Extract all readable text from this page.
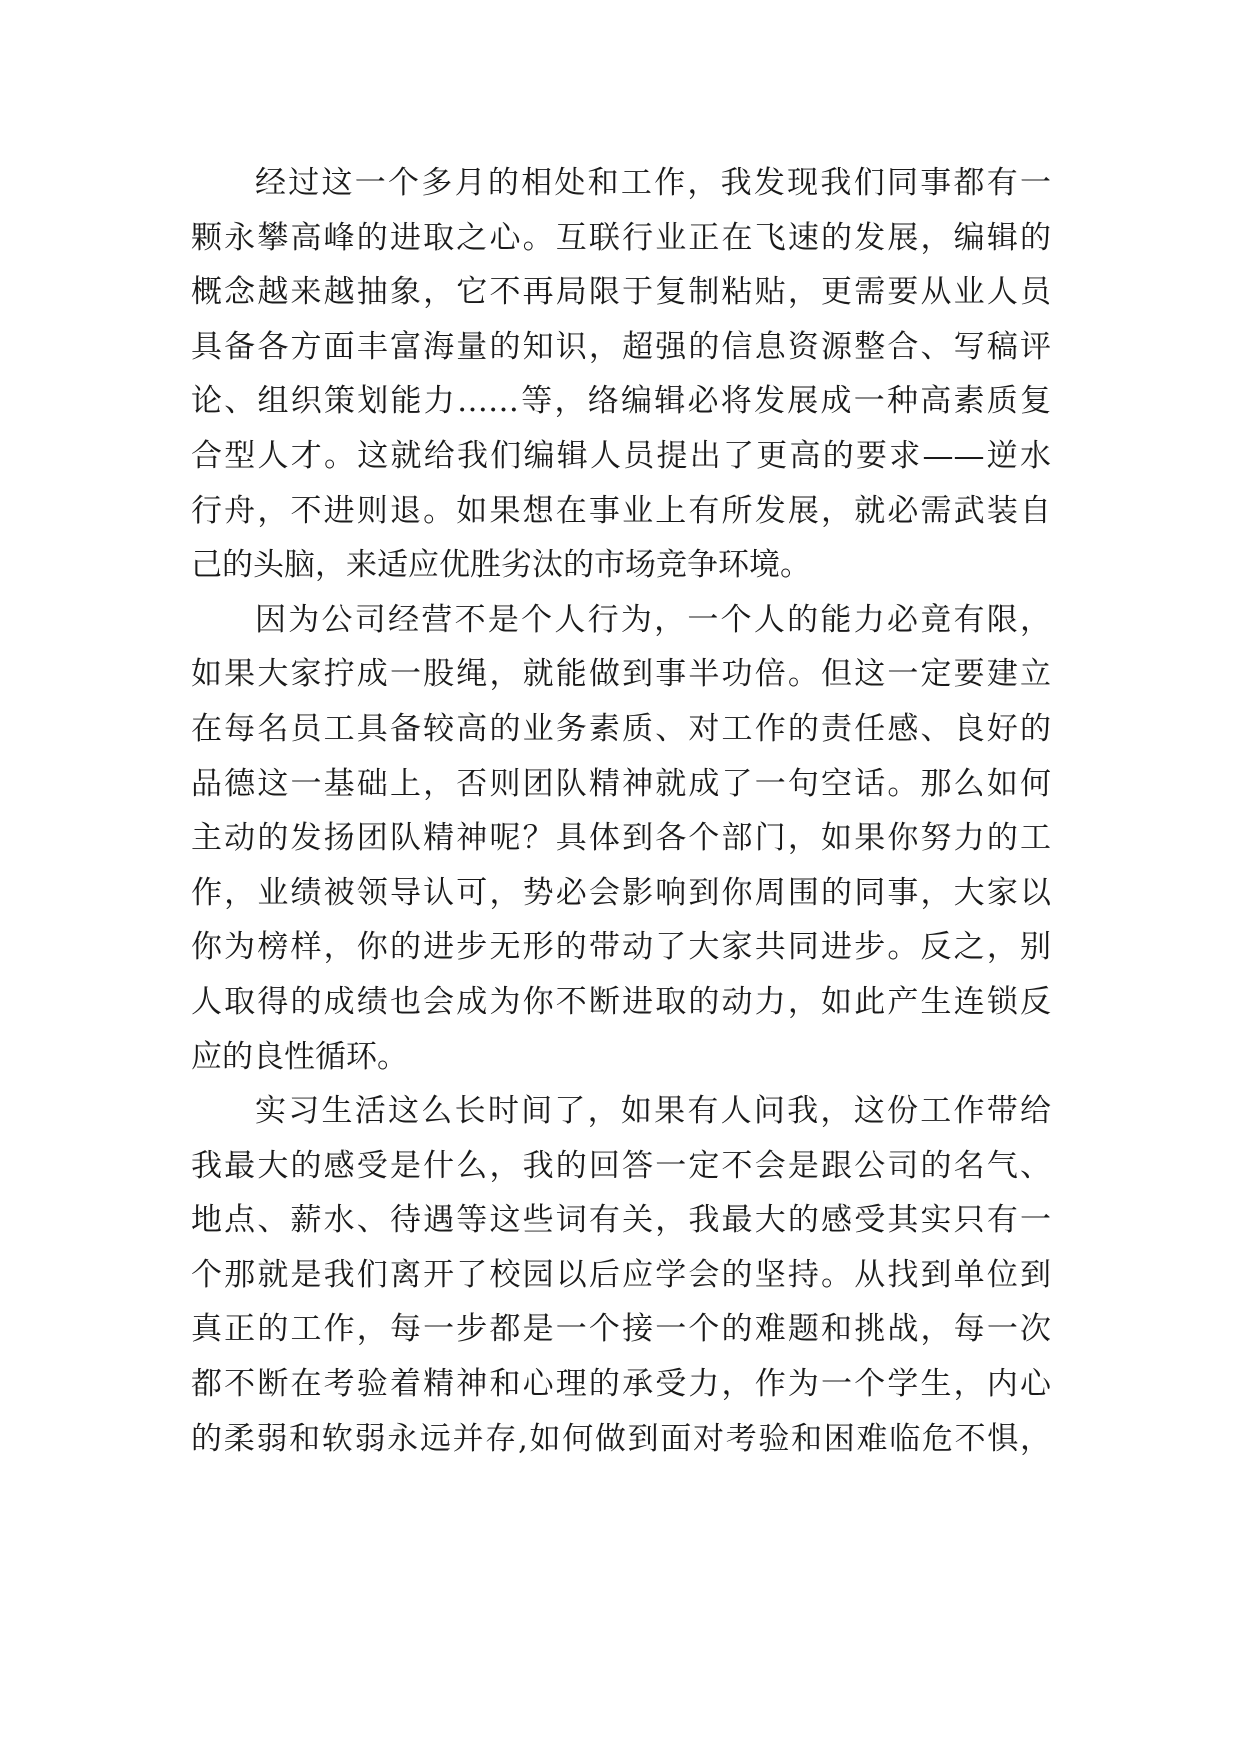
经过这一个多月的相处和工作，我发现我们同事都有一
颗永攀高峰的进取之心。互联行业正在飞速的发展，编辑的
概念越来越抽象，它不再局限于复制粘贴，更需要从业人员
具备各方面丰富海量的知识，超强的信息资源整合、写稿评
论、组织策划能力……等，络编辑必将发展成一种高素质复
合型人才。这就给我们编辑人员提出了更高的要求——逆水
行舟，不进则退。如果想在事业上有所发展，就必需武装自
己的头脑，来适应优胜劣汰的市场竞争环境。
因为公司经营不是个人行为，一个人的能力必竟有限，
如果大家拧成一股绳，就能做到事半功倍。但这一定要建立
在每名员工具备较高的业务素质、对工作的责任感、良好的
品德这一基础上，否则团队精神就成了一句空话。那么如何
主动的发扬团队精神呢？具体到各个部门，如果你努力的工
作，业绩被领导认可，势必会影响到你周围的同事，大家以
你为榜样，你的进步无形的带动了大家共同进步。反之，别
人取得的成绩也会成为你不断进取的动力，如此产生连锁反
应的良性循环。
实习生活这么长时间了，如果有人问我，这份工作带给
我最大的感受是什么，我的回答一定不会是跟公司的名气、
地点、薪水、待遇等这些词有关，我最大的感受其实只有一
个那就是我们离开了校园以后应学会的坚持。从找到单位到
真正的工作，每一步都是一个接一个的难题和挑战，每一次
都不断在考验着精神和心理的承受力，作为一个学生，内心
的柔弱和软弱永远并存,如何做到面对考验和困难临危不惧，
